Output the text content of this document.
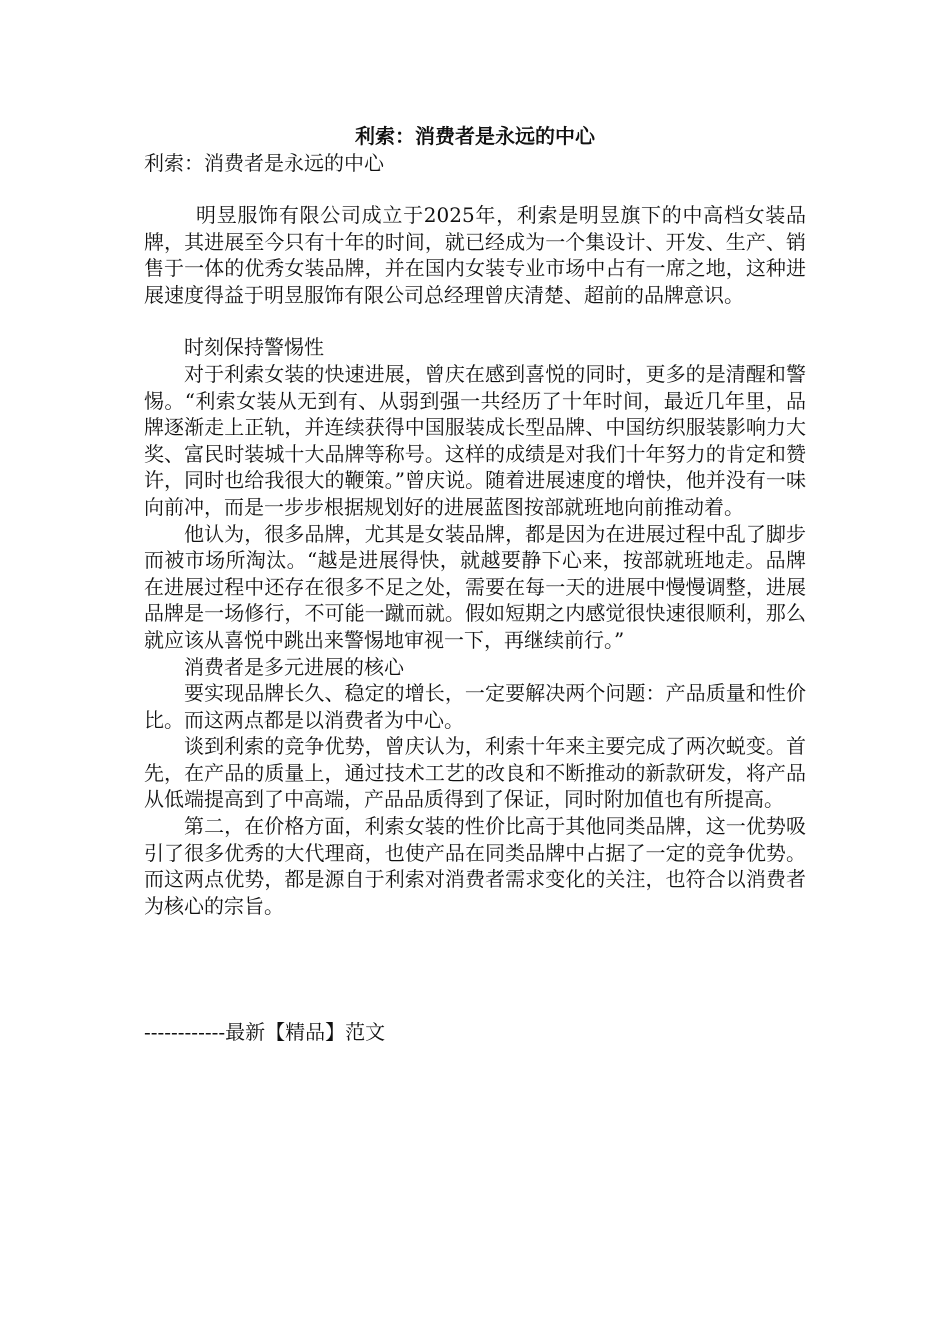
利索：消费者是永远的中心

利索：消费者是永远的中心

明昱服饰有限公司成立于2025年，利索是明昱旗下的中高档女装品牌，其进展至今只有十年的时间，就已经成为一个集设计、开发、生产、销售于一体的优秀女装品牌，并在国内女装专业市场中占有一席之地，这种进展速度得益于明昱服饰有限公司总经理曾庆清楚、超前的品牌意识。

时刻保持警惕性

对于利索女装的快速进展，曾庆在感到喜悦的同时，更多的是清醒和警惕。“利索女装从无到有、从弱到强一共经历了十年时间，最近几年里，品牌逐渐走上正轨，并连续获得中国服装成长型品牌、中国纺织服装影响力大奖、富民时装城十大品牌等称号。这样的成绩是对我们十年努力的肯定和赞许，同时也给我很大的鞭策。”曾庆说。随着进展速度的增快，他并没有一味向前冲，而是一步步根据规划好的进展蓝图按部就班地向前推动着。

他认为，很多品牌，尤其是女装品牌，都是因为在进展过程中乱了脚步而被市场所淘汰。“越是进展得快，就越要静下心来，按部就班地走。品牌在进展过程中还存在很多不足之处，需要在每一天的进展中慢慢调整，进展品牌是一场修行，不可能一蹴而就。假如短期之内感觉很快速很顺利，那么就应该从喜悦中跳出来警惕地审视一下，再继续前行。”

消费者是多元进展的核心

要实现品牌长久、稳定的增长，一定要解决两个问题：产品质量和性价比。而这两点都是以消费者为中心。

谈到利索的竞争优势，曾庆认为，利索十年来主要完成了两次蜕变。首先，在产品的质量上，通过技术工艺的改良和不断推动的新款研发，将产品从低端提高到了中高端，产品品质得到了保证，同时附加值也有所提高。

第二，在价格方面，利索女装的性价比高于其他同类品牌，这一优势吸引了很多优秀的大代理商，也使产品在同类品牌中占据了一定的竞争优势。而这两点优势，都是源自于利索对消费者需求变化的关注，也符合以消费者为核心的宗旨。

------------最新【精品】范文
